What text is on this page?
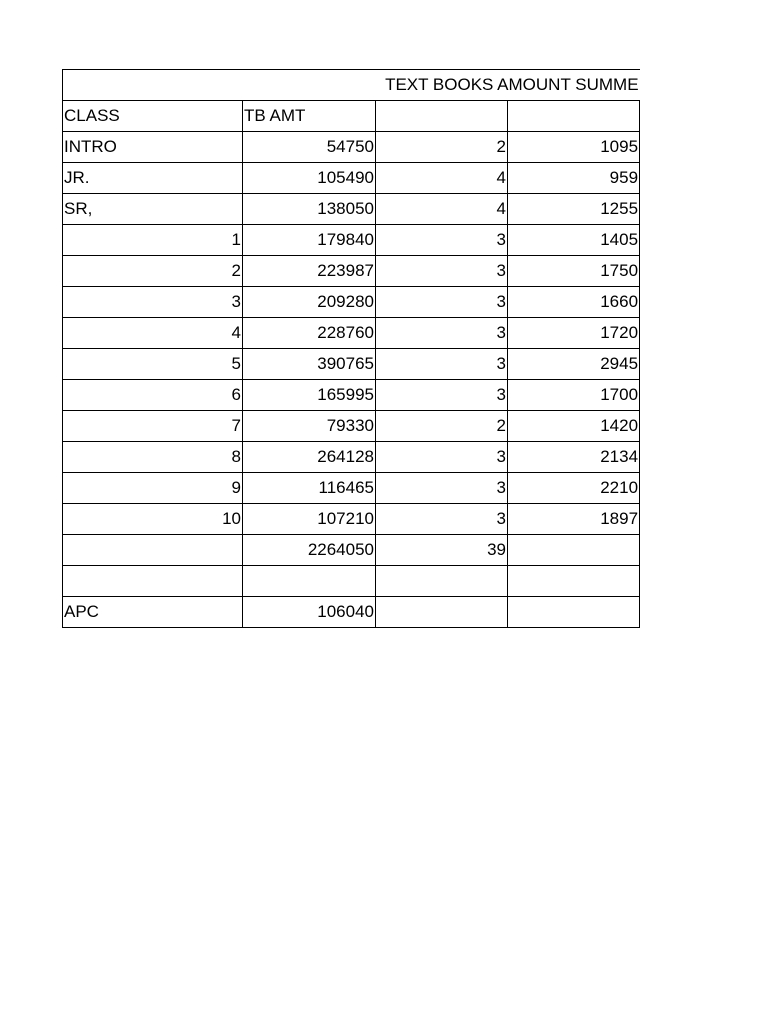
TEXT BOOKS AMOUNT SUMME			
CLASS	TB AMT		
INTRO	54750	2	1095
JR.	105490	4	959
SR,	138050	4	1255
1	179840	3	1405
2	223987	3	1750
3	209280	3	1660
4	228760	3	1720
5	390765	3	2945
6	165995	3	1700
7	79330	2	1420
8	264128	3	2134
9	116465	3	2210
10	107210	3	1897
	2264050	39	

APC	106040		
